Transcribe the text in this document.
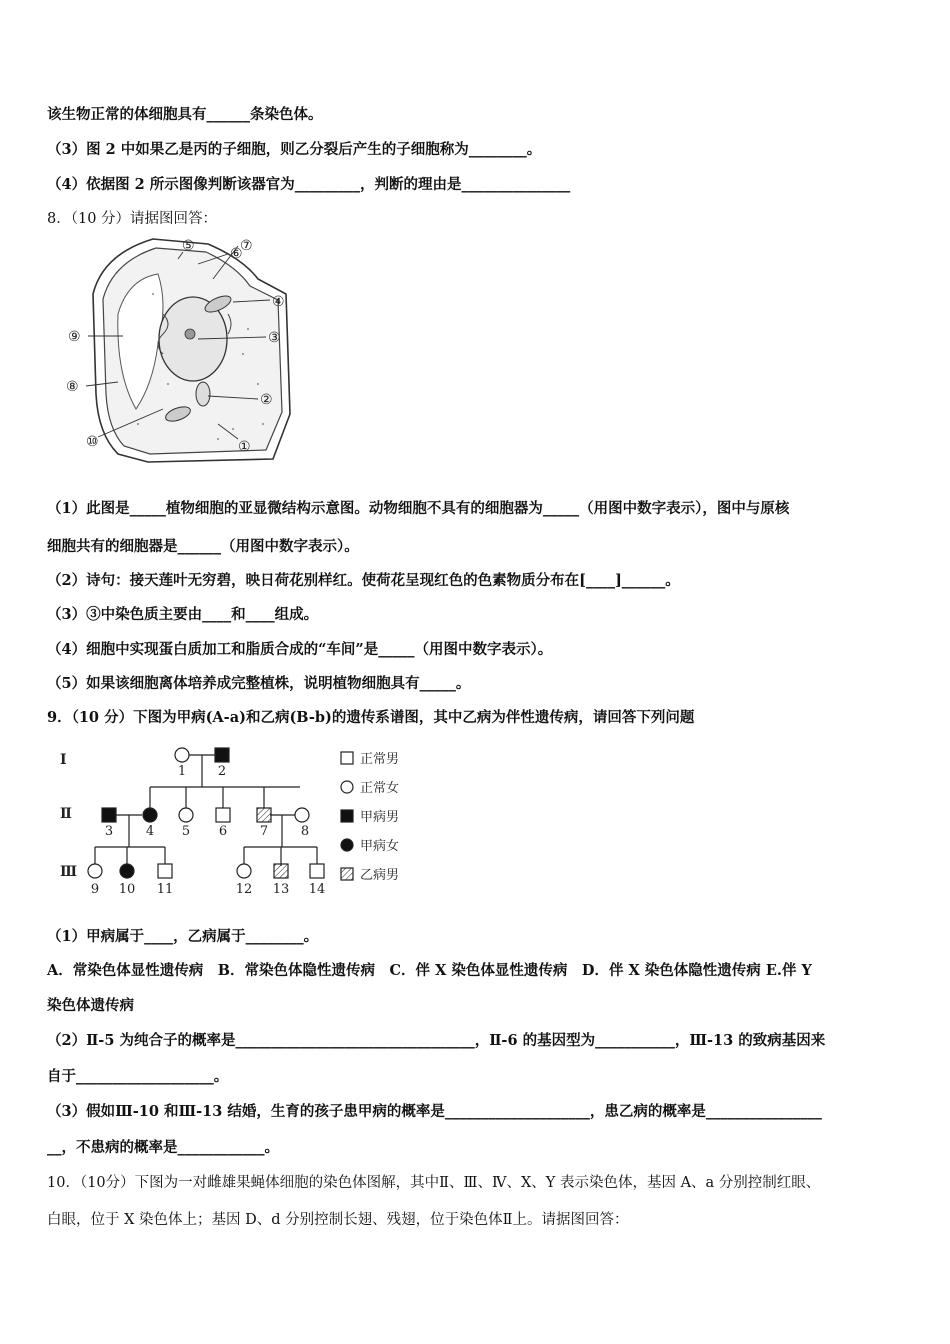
该生物正常的体细胞具有______条染色体。
（3）图 2 中如果乙是丙的子细胞，则乙分裂后产生的子细胞称为________。
（4）依据图 2 所示图像判断该器官为_________，判断的理由是_______________
8．（10 分）请据图回答：
⑤	⑥
⑦
④
③
②
①
⑨
⑧
⑩
（1）此图是_____植物细胞的亚显微结构示意图。动物细胞不具有的细胞器为_____（用图中数字表示），图中与原核
细胞共有的细胞器是______（用图中数字表示）。
（2）诗句：接天莲叶无穷碧，映日荷花别样红。使荷花呈现红色的色素物质分布在[____]______。
（3）③中染色质主要由____和____组成。
（4）细胞中实现蛋白质加工和脂质合成的“车间”是_____（用图中数字表示）。
（5）如果该细胞离体培养成完整植株，说明植物细胞具有_____。
9．（10 分）下图为甲病(A-a)和乙病(B-b)的遗传系谱图，其中乙病为伴性遗传病，请回答下列问题
Ⅰ
Ⅱ
Ⅲ
1 2
3	4 5 6	7	8
9 10 11	12 13 14
正常男
正常女
甲病男
甲病女
乙病男
（1）甲病属于____，乙病属于________。
A．常染色体显性遗传病　B．常染色体隐性遗传病　C．伴 X 染色体显性遗传病　D．伴 X 染色体隐性遗传病 E.伴 Y
染色体遗传病
（2）Ⅱ-5 为纯合子的概率是_________________________________，Ⅱ-6 的基因型为___________，Ⅲ-13 的致病基因来
自于___________________。
（3）假如Ⅲ-10 和Ⅲ-13 结婚，生育的孩子患甲病的概率是____________________，患乙病的概率是________________
__，不患病的概率是____________。
10．（10分）下图为一对雌雄果蝇体细胞的染色体图解，其中Ⅱ、Ⅲ、Ⅳ、X、Y 表示染色体，基因 A、a 分别控制红眼、
白眼，位于 X 染色体上；基因 D、d 分别控制长翅、残翅，位于染色体Ⅱ上。请据图回答：
